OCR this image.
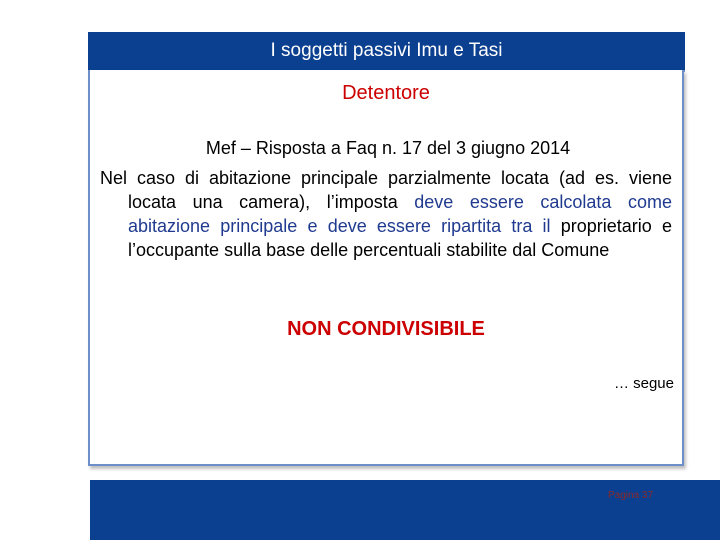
I soggetti passivi Imu e Tasi
Detentore
Mef – Risposta a Faq n. 17 del 3 giugno 2014
Nel caso di abitazione principale parzialmente locata (ad es. viene locata una camera), l’imposta deve essere calcolata come abitazione principale e deve essere ripartita tra il proprietario e l’occupante sulla base delle percentuali stabilite dal Comune
NON CONDIVISIBILE
… segue
Pagina 37
